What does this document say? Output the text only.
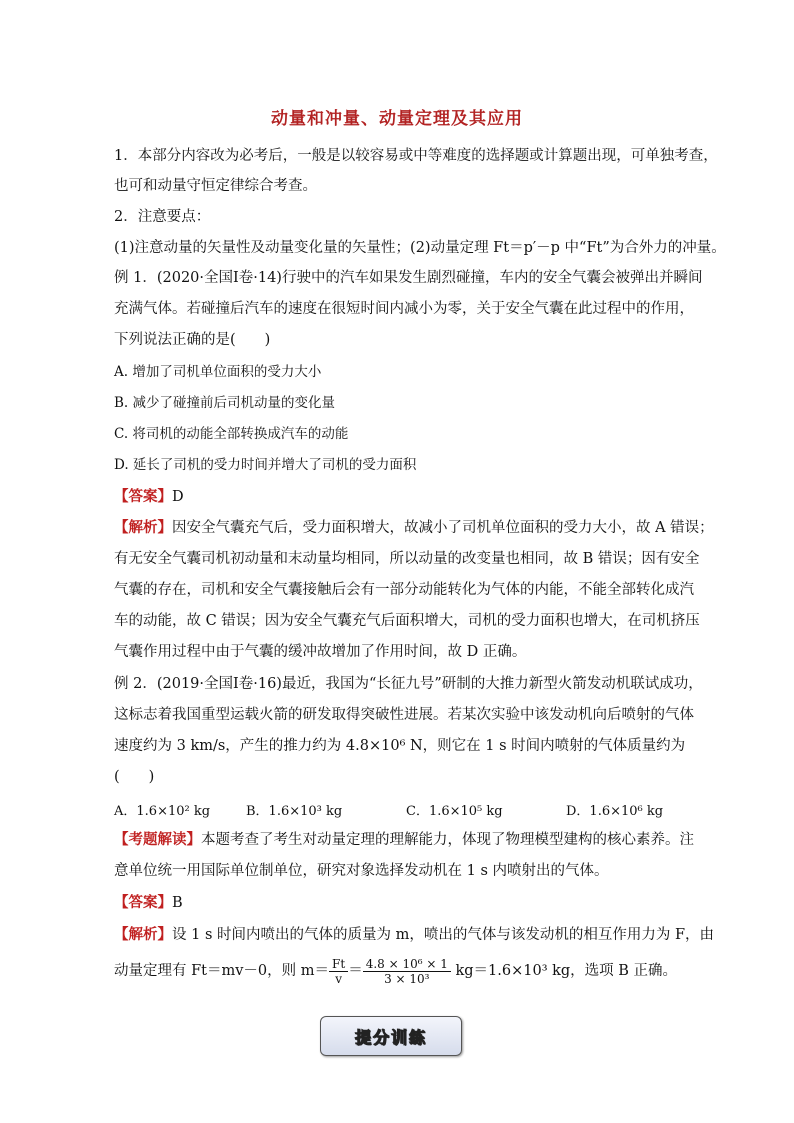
动量和冲量、动量定理及其应用
1．本部分内容改为必考后，一般是以较容易或中等难度的选择题或计算题出现，可单独考查，
也可和动量守恒定律综合考查。
2．注意要点：
(1)注意动量的矢量性及动量变化量的矢量性；(2)动量定理 Ft＝p′－p 中“Ft”为合外力的冲量。
例 1．(2020·全国Ⅰ卷·14)行驶中的汽车如果发生剧烈碰撞，车内的安全气囊会被弹出并瞬间
充满气体。若碰撞后汽车的速度在很短时间内减小为零，关于安全气囊在此过程中的作用，
下列说法正确的是(　　)
A. 增加了司机单位面积的受力大小
B. 减少了碰撞前后司机动量的变化量
C. 将司机的动能全部转换成汽车的动能
D. 延长了司机的受力时间并增大了司机的受力面积
【答案】D
【解析】因安全气囊充气后，受力面积增大，故减小了司机单位面积的受力大小，故 A 错误；
有无安全气囊司机初动量和末动量均相同，所以动量的改变量也相同，故 B 错误；因有安全
气囊的存在，司机和安全气囊接触后会有一部分动能转化为气体的内能，不能全部转化成汽
车的动能，故 C 错误；因为安全气囊充气后面积增大，司机的受力面积也增大，在司机挤压
气囊作用过程中由于气囊的缓冲故增加了作用时间，故 D 正确。
例 2．(2019·全国Ⅰ卷·16)最近，我国为“长征九号”研制的大推力新型火箭发动机联试成功，
这标志着我国重型运载火箭的研发取得突破性进展。若某次实验中该发动机向后喷射的气体
速度约为 3 km/s，产生的推力约为 4.8×10⁶ N，则它在 1 s 时间内喷射的气体质量约为
(　　)
A．1.6×10² kg	B．1.6×10³ kg	C．1.6×10⁵ kg	D．1.6×10⁶ kg
【考题解读】本题考查了考生对动量定理的理解能力，体现了物理模型建构的核心素养。注
意单位统一用国际单位制单位，研究对象选择发动机在 1 s 内喷射出的气体。
【答案】B
【解析】设 1 s 时间内喷出的气体的质量为 m，喷出的气体与该发动机的相互作用力为 F，由
动量定理有 Ft＝mv－0，则 $m= \frac{Ft}{v} = \frac{\text{4.8 × 10⁶ × 1}}{\text{3 × 10³}} kg=1.6\times 10^3$ kg，选项 B 正确。
提分训练
